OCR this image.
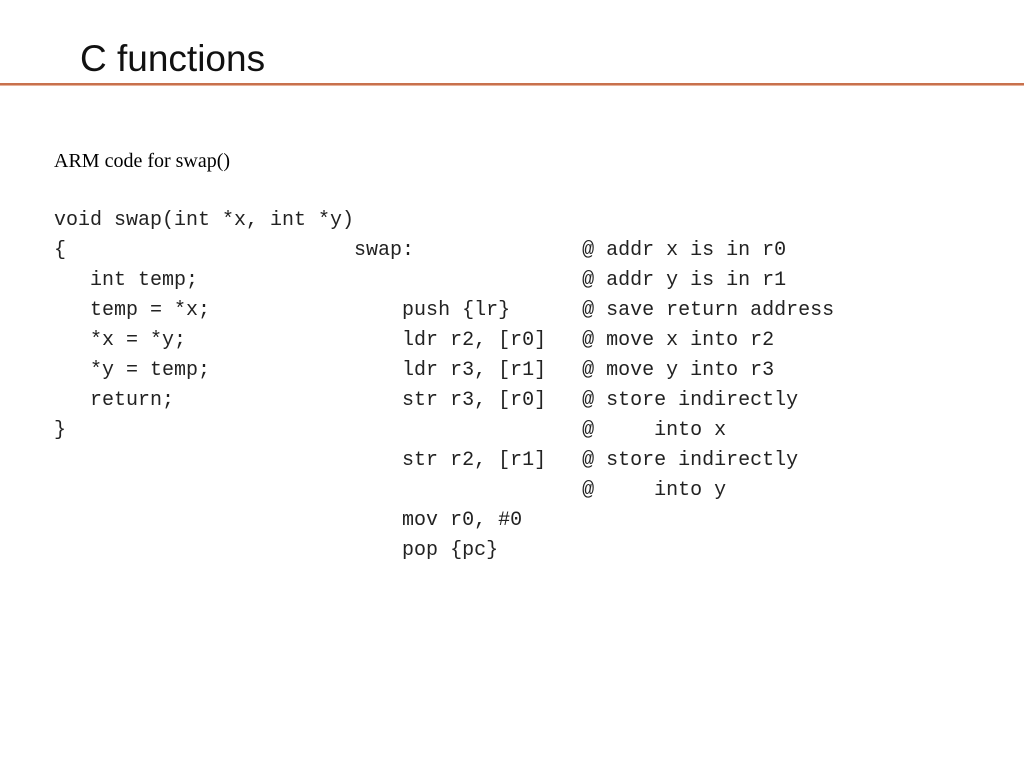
C functions

ARM code for swap()

void swap(int *x, int *y)
{                        swap:              @ addr x is in r0
int temp;                                @ addr y is in r1
temp = *x;                push {lr}      @ save return address
*x = *y;                  ldr r2, [r0]   @ move x into r2
*y = temp;                ldr r3, [r1]   @ move y into r3
return;                   str r3, [r0]   @ store indirectly
}                                           @     into x
str r2, [r1]   @ store indirectly
@     into y
mov r0, #0
pop {pc}
